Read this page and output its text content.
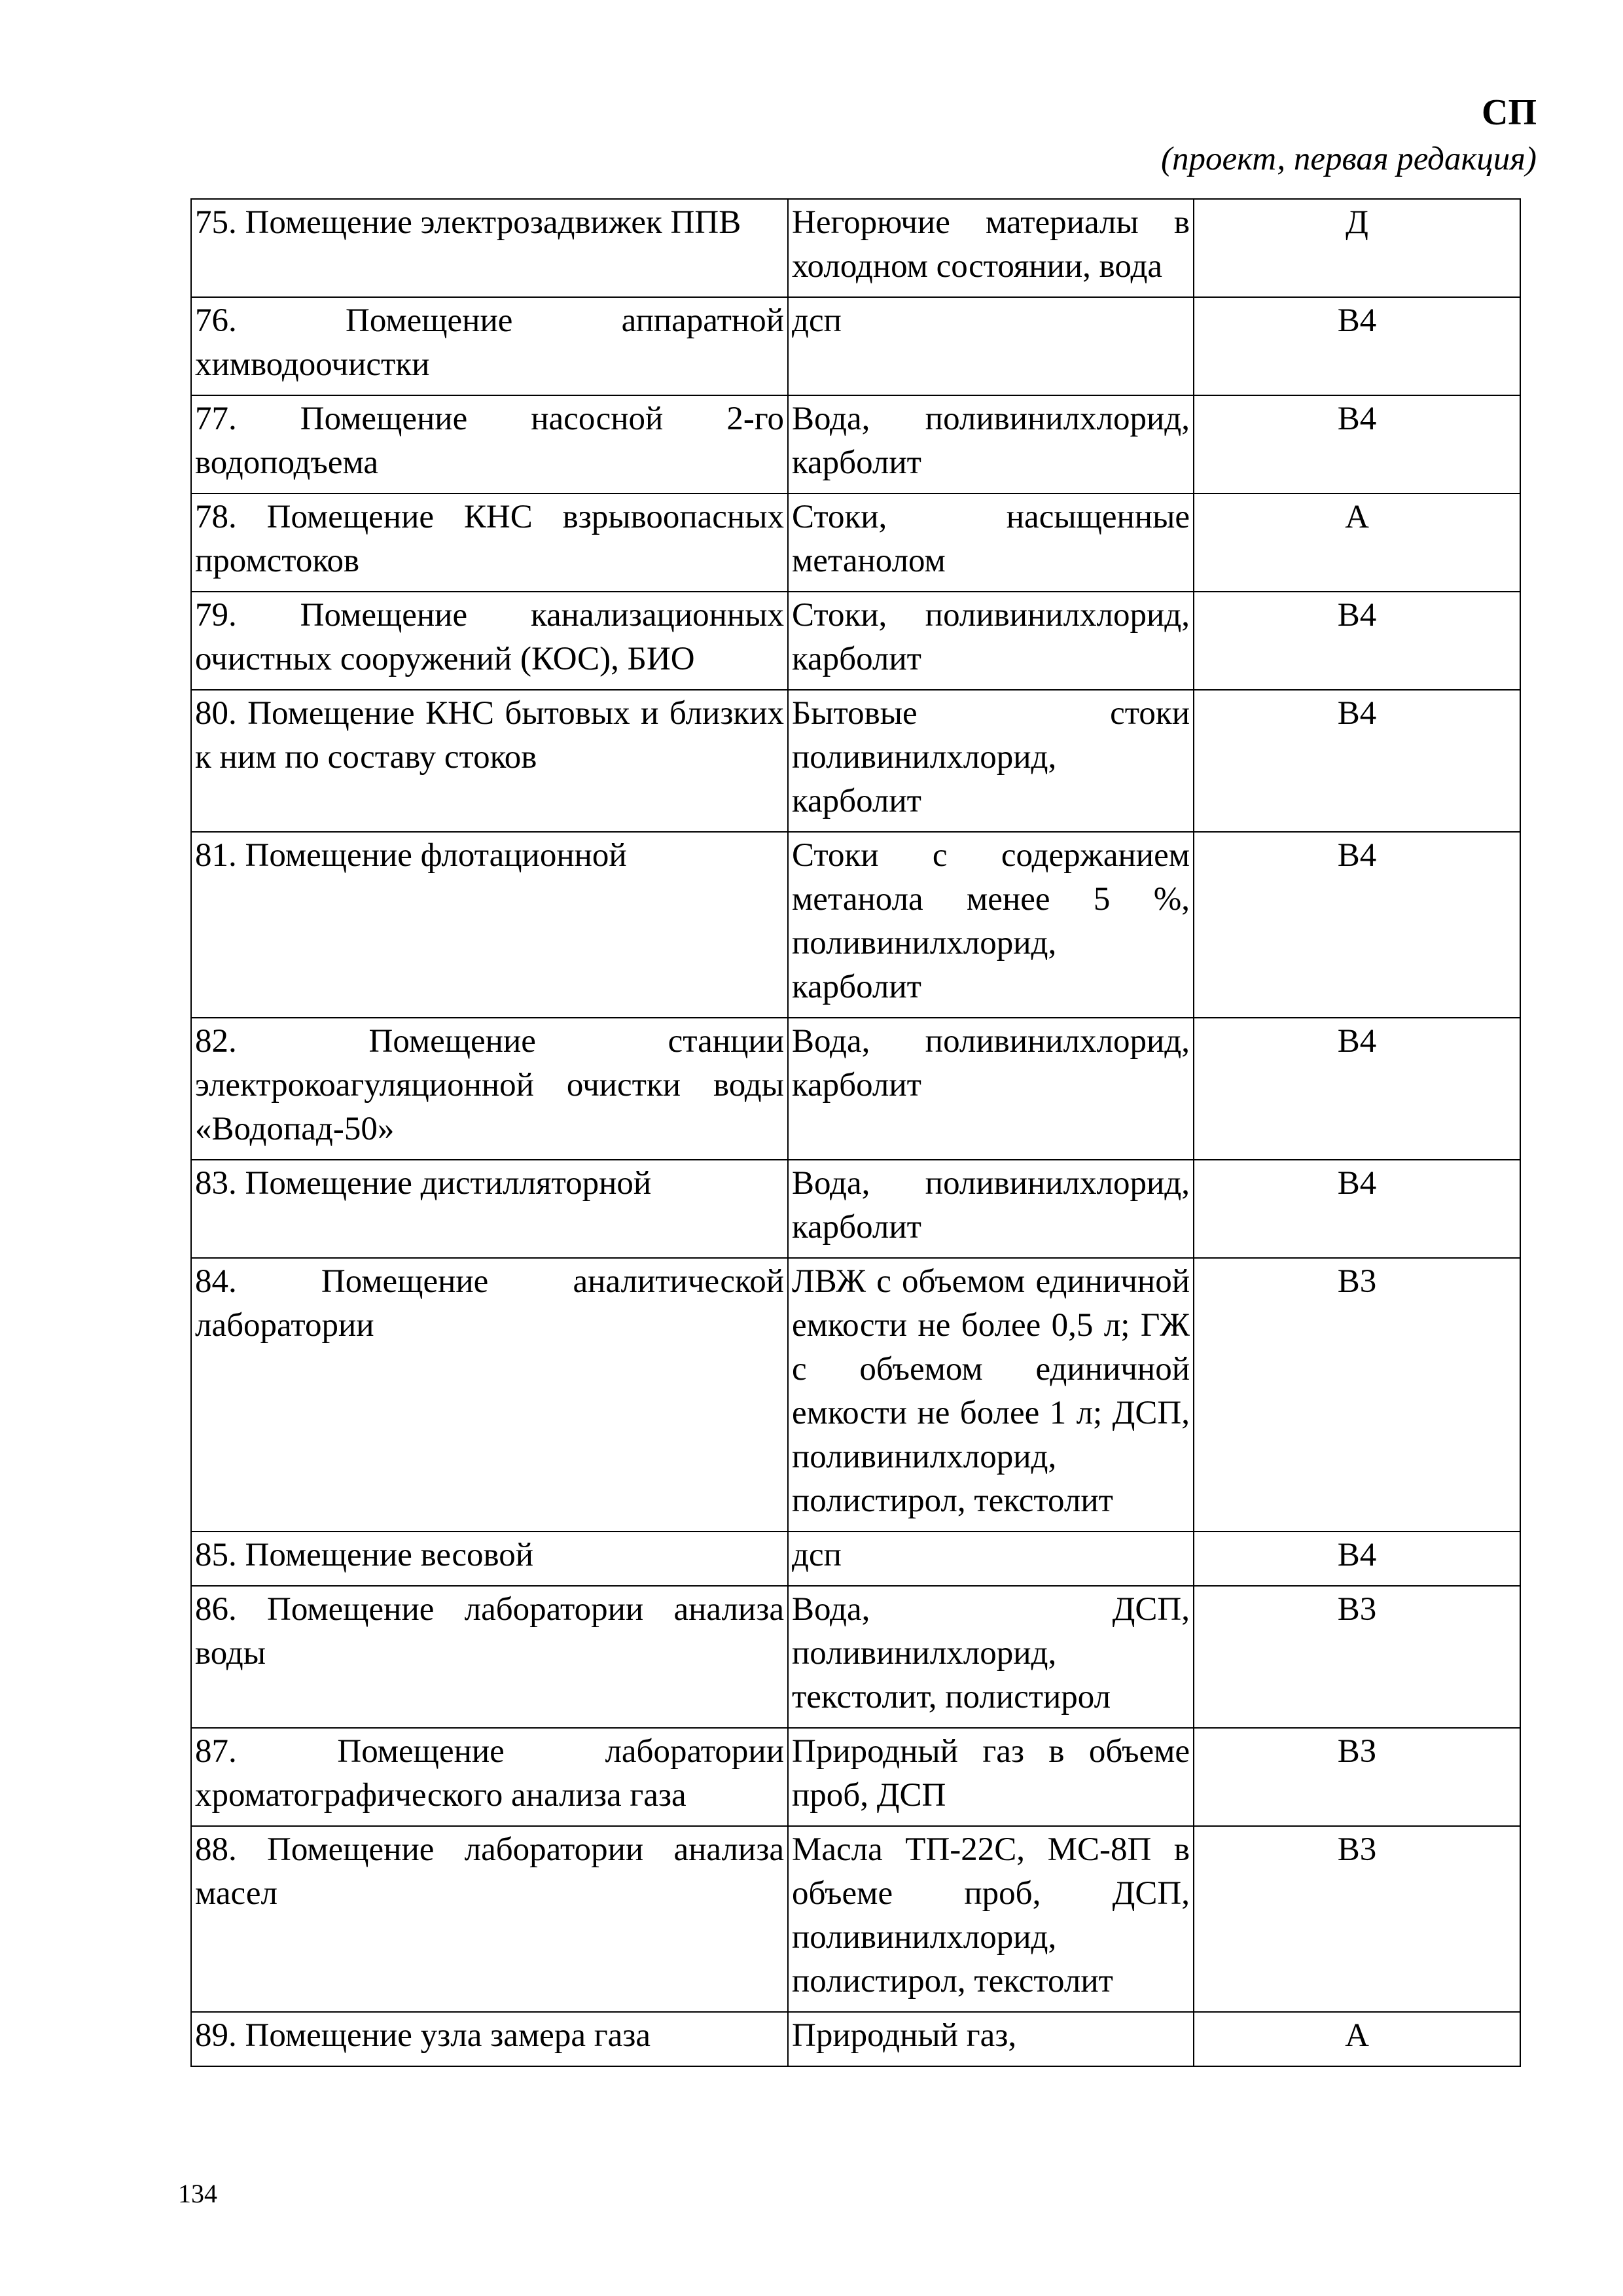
СП
(проект, первая редакция)
75. Помещение электрозадвижек ППВ	Негорючие материалы в холодном состоянии, вода	Д
76. Помещение аппаратной химводоочистки	дсп	В4
77. Помещение насосной 2-го водоподъема	Вода, поливинилхлорид, карболит	В4
78. Помещение КНС взрывоопасных промстоков	Стоки, насыщенные метанолом	А
79. Помещение канализационных очистных сооружений (КОС), БИО	Стоки, поливинилхлорид, карболит	В4
80. Помещение КНС бытовых и близких к ним по составу стоков	Бытовые стоки поливинилхлорид, карболит	В4
81. Помещение флотационной	Стоки с содержанием метанола менее 5 %, поливинилхлорид, карболит	В4
82. Помещение станции электрокоагуляционной очистки воды «Водопад-50»	Вода, поливинилхлорид, карболит	В4
83. Помещение дистилляторной	Вода, поливинилхлорид, карболит	В4
84. Помещение аналитической лаборатории	ЛВЖ с объемом единичной емкости не более 0,5 л; ГЖ с объемом единичной емкости не более 1 л; ДСП, поливинилхлорид, полистирол, текстолит	В3
85. Помещение весовой	дсп	В4
86. Помещение лаборатории анализа воды	Вода, ДСП, поливинилхлорид, текстолит, полистирол	В3
87. Помещение лаборатории хроматографического анализа газа	Природный газ в объеме проб, ДСП	ВЗ
88. Помещение лаборатории анализа масел	Масла ТП-22С, МС-8П в объеме проб, ДСП, поливинилхлорид, полистирол, текстолит	В3
89. Помещение узла замера газа	Природный газ,	А
134
